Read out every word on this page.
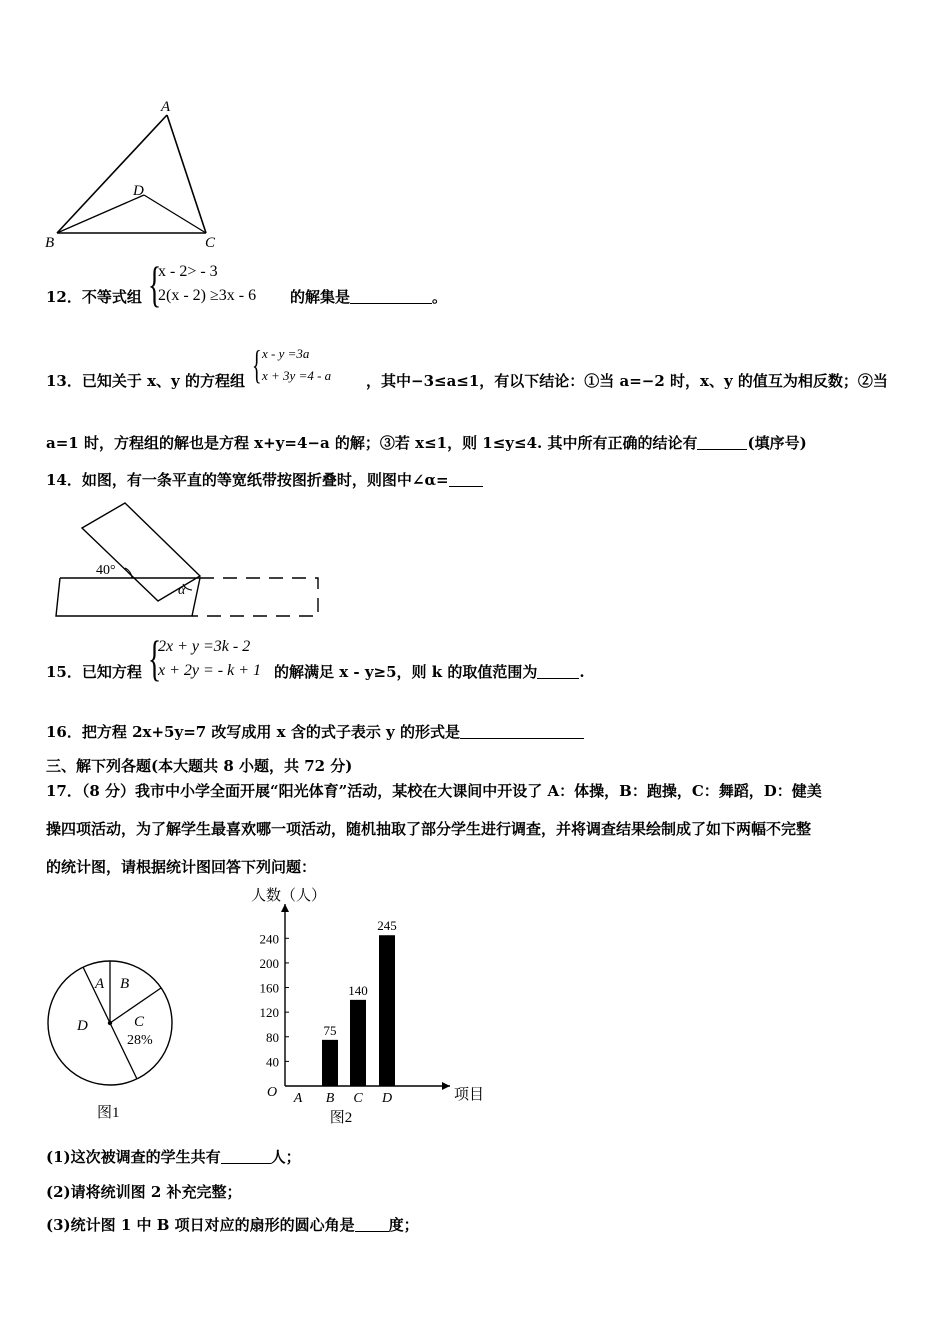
A
B	C
D
12．不等式组 {
x - 2> - 3
2(x - 2) ≥3x - 6 的解集是	。
13．已知关于 x、y 的方程组 { x - y =3a
x + 3y =4 - a ，其中−3≤a≤1，有以下结论：①当 a=−2 时，x、y 的值互为相反数；②当
a=1 时，方程组的解也是方程 x+y=4−a 的解；③若 x≤1，则 1≤y≤4. 其中所有正确的结论有	(填序号)
14．如图，有一条平直的等宽纸带按图折叠时，则图中∠α=
40°
α
15．已知方程 {
2x + y =3k - 2
x + 2y = - k + 1 的解满足 x - y≥5，则 k 的取值范围为	.
16．把方程 2x+5y=7 改写成用 x 含的式子表示 y 的形式是
三、解下列各题(本大题共 8 小题，共 72 分)
17．（8 分）我市中小学全面开展“阳光体育”活动，某校在大课间中开设了 A：体操，B：跑操，C：舞蹈，D：健美
操四项活动，为了解学生最喜欢哪一项活动，随机抽取了部分学生进行调查，并将调查结果绘制成了如下两幅不完整
的统计图，请根据统计图回答下列问题：
A B
C
28%
D
图1
人数（人）
项目
O
40
80
120
160
200
240
A B
75
C
140
D
245
图2
(1)这次被调查的学生共有	人；
(2)请将统训图 2 补充完整；
(3)统计图 1 中 B 项日对应的扇形的圆心角是 度；
